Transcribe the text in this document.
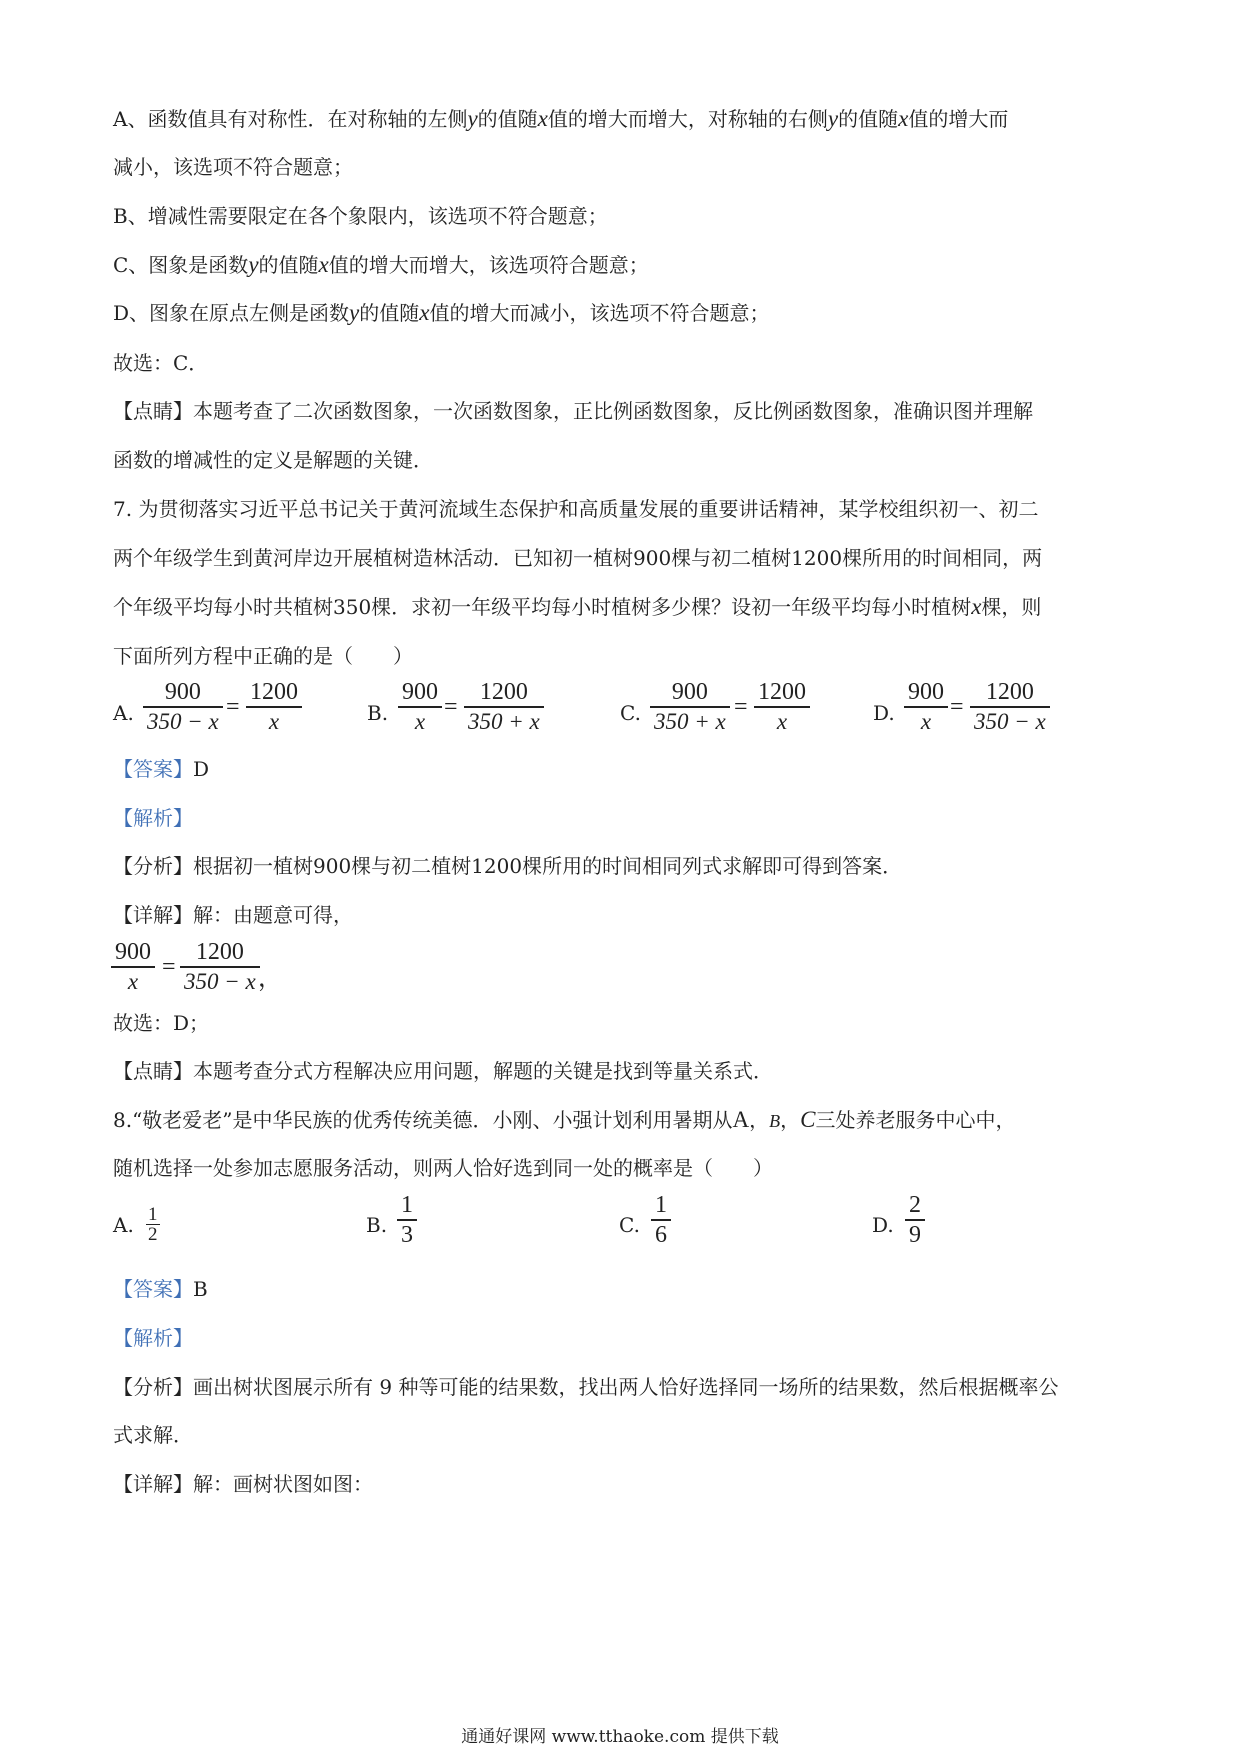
A、函数值具有对称性．在对称轴的左侧y的值随x值的增大而增大，对称轴的右侧y的值随x值的增大而
减小，该选项不符合题意；
B、增减性需要限定在各个象限内，该选项不符合题意；
C、图象是函数y的值随x值的增大而增大，该选项符合题意；
D、图象在原点左侧是函数y的值随x值的增大而减小，该选项不符合题意；
故选：C．
【点睛】本题考查了二次函数图象，一次函数图象，正比例函数图象，反比例函数图象，准确识图并理解
函数的增减性的定义是解题的关键．
7. 为贯彻落实习近平总书记关于黄河流域生态保护和高质量发展的重要讲话精神，某学校组织初一、初二
两个年级学生到黄河岸边开展植树造林活动．已知初一植树900棵与初二植树1200棵所用的时间相同，两
个年级平均每小时共植树350棵．求初一年级平均每小时植树多少棵？设初一年级平均每小时植树x棵，则
下面所列方程中正确的是（　　）
A. $\frac{900}{350 - x} = \frac{1200}{x}$	B. $\frac{900}{x} = \frac{1200}{350 + x}$	C. $\frac{900}{350 + x} = \frac{1200}{x}$	D. $\frac{900}{x} = \frac{1200}{350 - x}$
【答案】D
【解析】
【分析】根据初一植树900棵与初二植树1200棵所用的时间相同列式求解即可得到答案．
【详解】解：由题意可得，
$\frac{900}{x} = \frac{1200}{350 - x}$
，
故选：D；
【点睛】本题考查分式方程解决应用问题，解题的关键是找到等量关系式．
8.“敬老爱老”是中华民族的优秀传统美德．小刚、小强计划利用暑期从A，B，C三处养老服务中心中，
随机选择一处参加志愿服务活动，则两人恰好选到同一处的概率是（　　）
A. $\frac{1}{2}$	B. $\frac{1}{3}$	C. $\frac{1}{6}$	D. $\frac{2}{9}$
【答案】B
【解析】
【分析】画出树状图展示所有 9 种等可能的结果数，找出两人恰好选择同一场所的结果数，然后根据概率公
式求解．
【详解】解：画树状图如图：
通通好课网 www.tthaoke.com 提供下载
